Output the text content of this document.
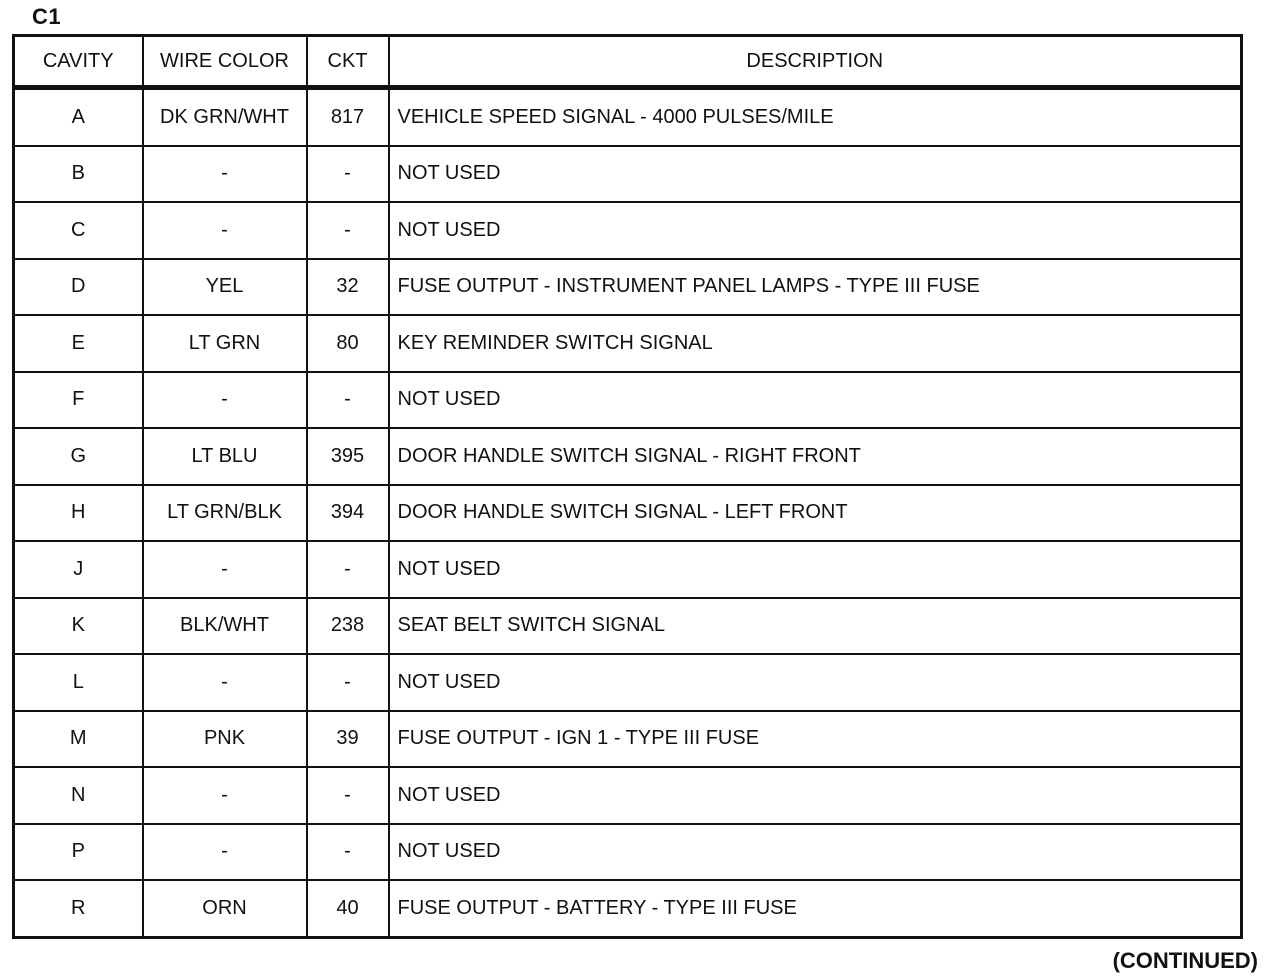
C1
CAVITY	WIRE COLOR	CKT	DESCRIPTION
A	DK GRN/WHT	817	VEHICLE SPEED SIGNAL - 4000 PULSES/MILE
B	-	-	NOT USED
C	-	-	NOT USED
D	YEL	32	FUSE OUTPUT - INSTRUMENT PANEL LAMPS - TYPE III FUSE
E	LT GRN	80	KEY REMINDER SWITCH SIGNAL
F	-	-	NOT USED
G	LT BLU	395	DOOR HANDLE SWITCH SIGNAL - RIGHT FRONT
H	LT GRN/BLK	394	DOOR HANDLE SWITCH SIGNAL - LEFT FRONT
J	-	-	NOT USED
K	BLK/WHT	238	SEAT BELT SWITCH SIGNAL
L	-	-	NOT USED
M	PNK	39	FUSE OUTPUT - IGN 1 - TYPE III FUSE
N	-	-	NOT USED
P	-	-	NOT USED
R	ORN	40	FUSE OUTPUT - BATTERY - TYPE III FUSE
(CONTINUED)
